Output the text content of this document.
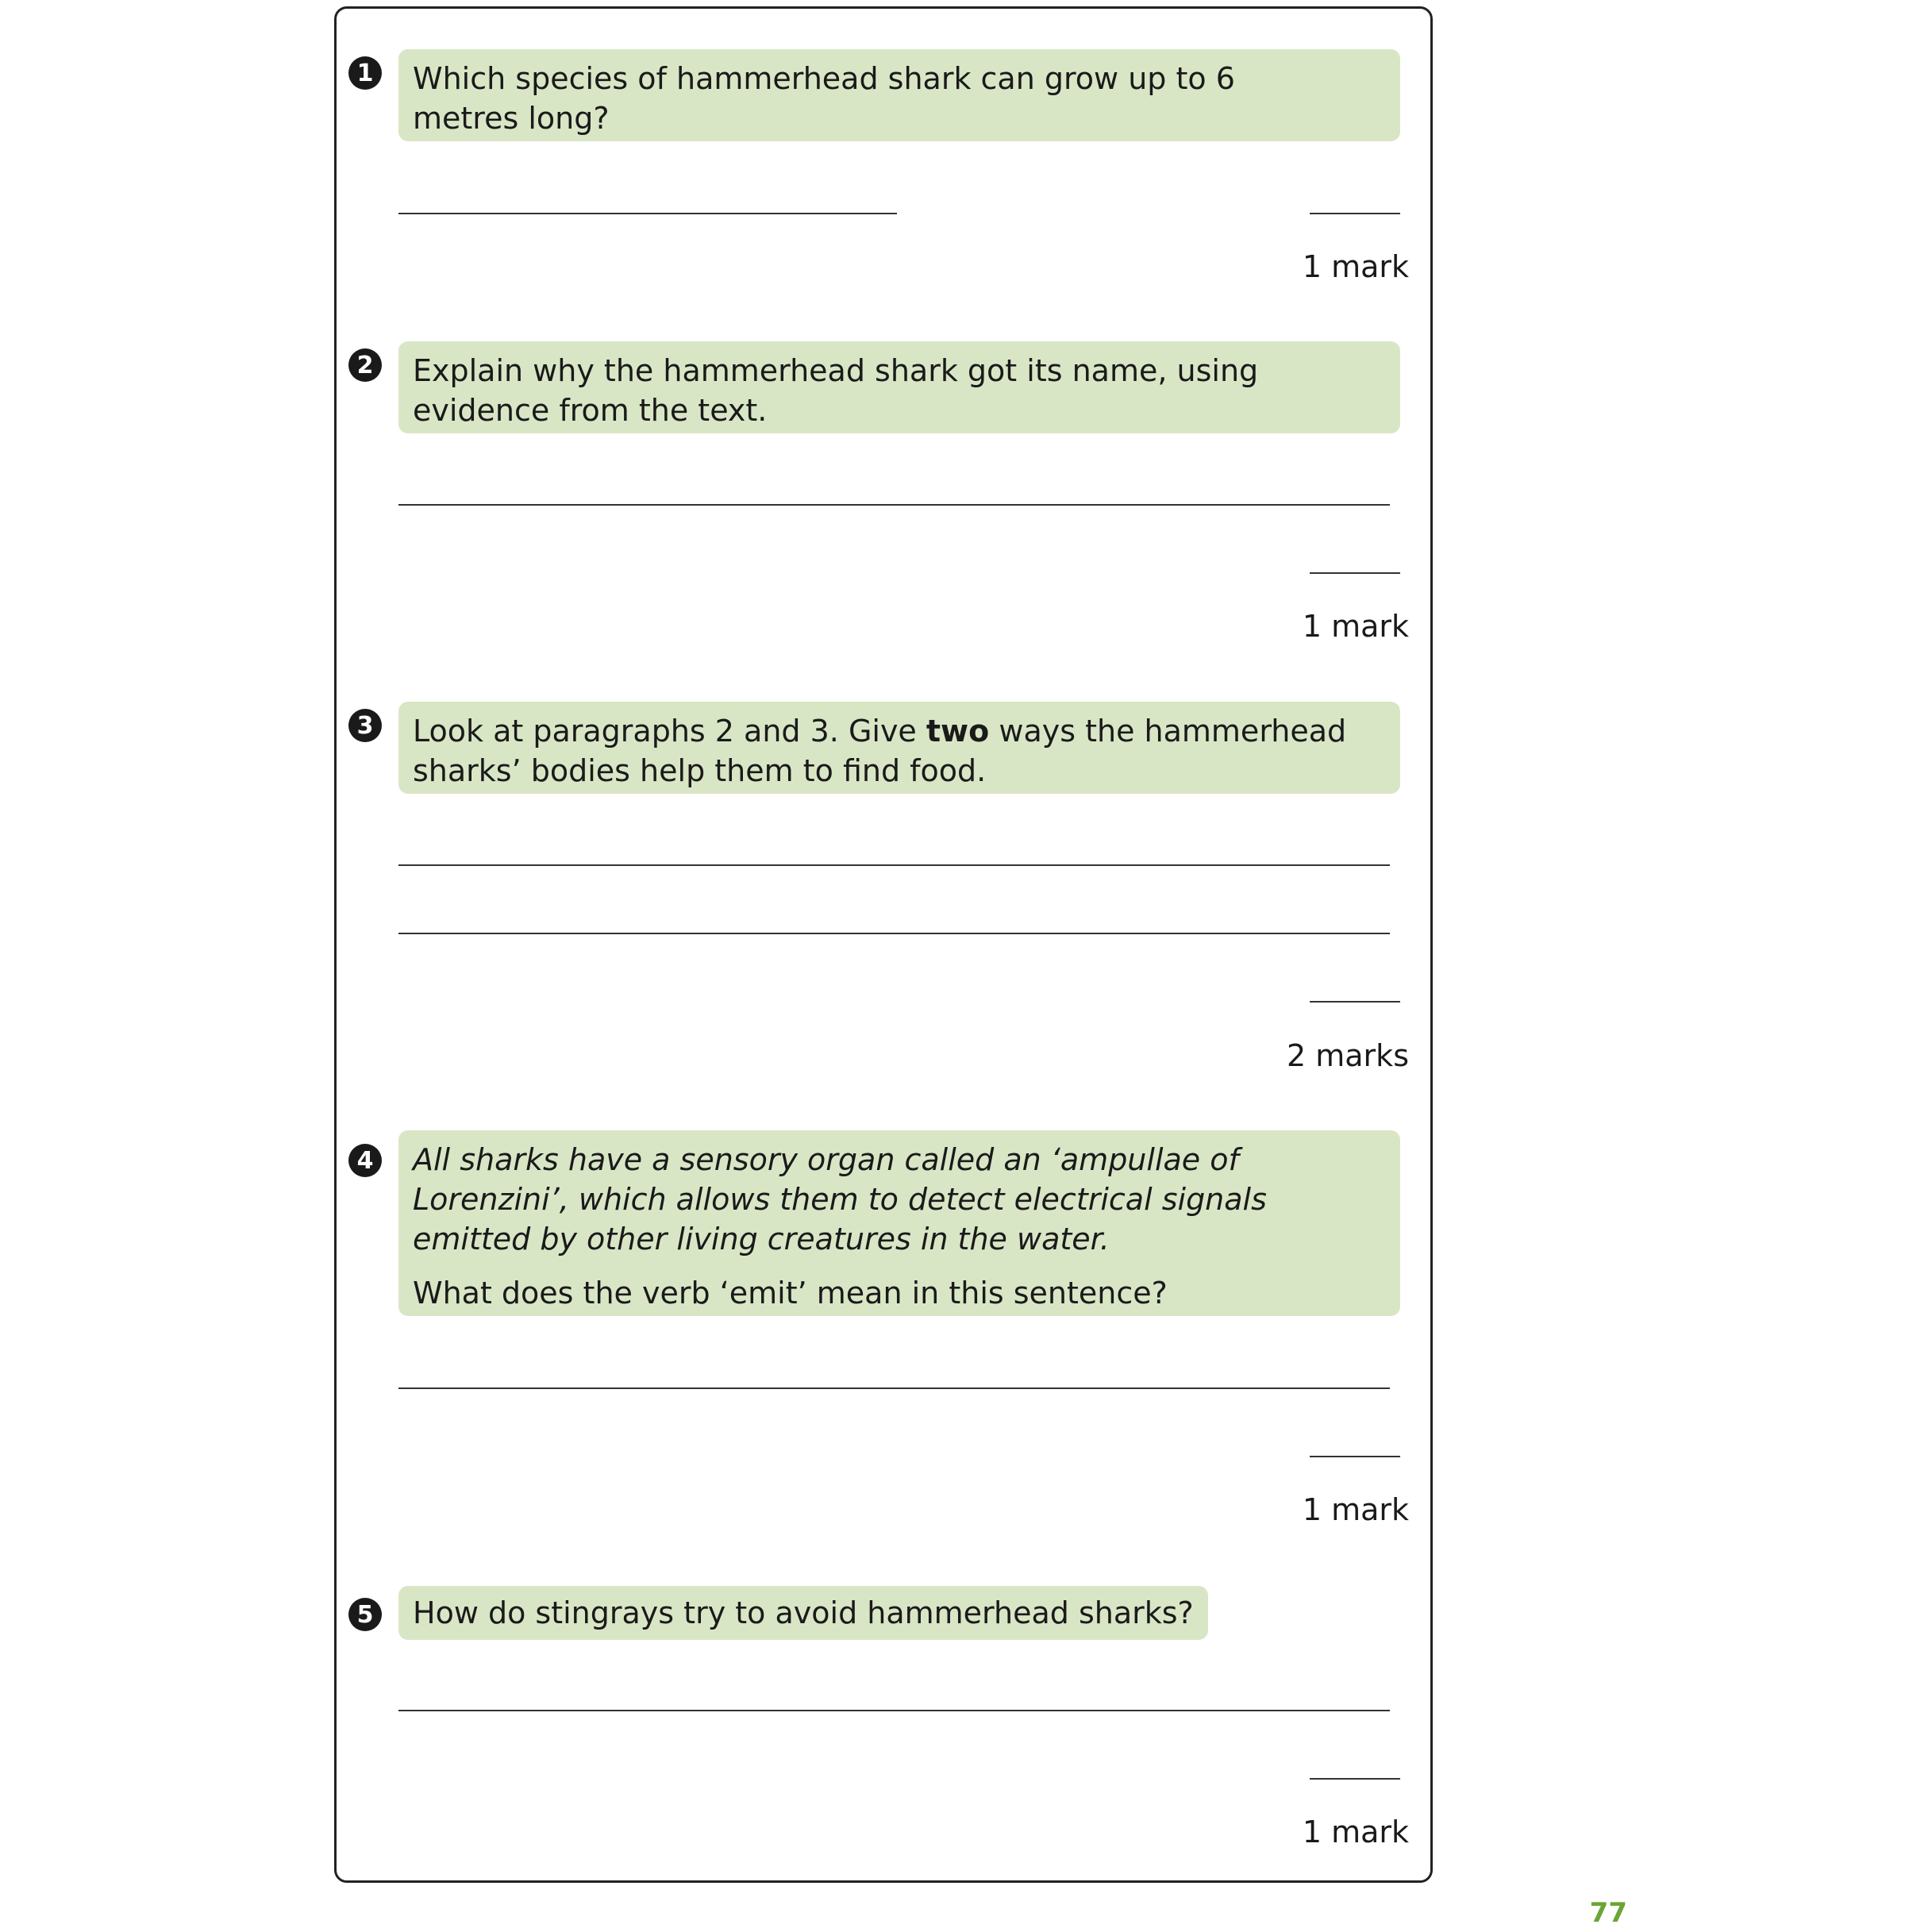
1 Which species of hammerhead shark can grow up to 6 metres long?

1 mark
2 Explain why the hammerhead shark got its name, using evidence from the text.

1 mark
3 Look at paragraphs 2 and 3. Give two ways the hammerhead sharks’ bodies help them to find food.

2 marks
4 All sharks have a sensory organ called an ‘ampullae of Lorenzini’, which allows them to detect electrical signals emitted by other living creatures in the water.

What does the verb ‘emit’ mean in this sentence?

1 mark
5 How do stingrays try to avoid hammerhead sharks?

1 mark
77
